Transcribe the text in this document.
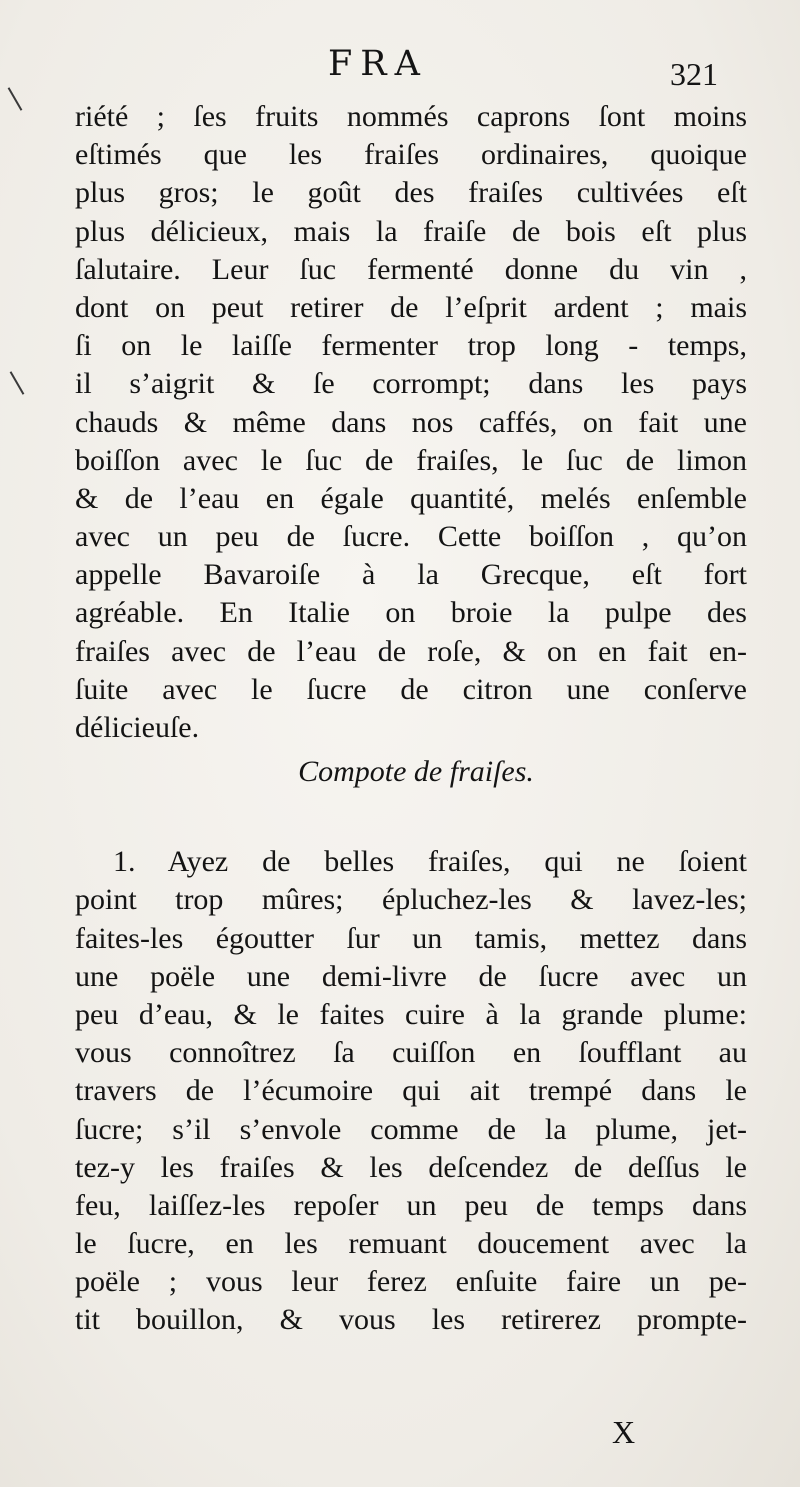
FRA	321
riété ; ſes fruits nommés caprons ſont moins
eſtimés que les fraiſes ordinaires, quoique
plus gros; le goût des fraiſes cultivées eſt
plus délicieux, mais la fraiſe de bois eſt plus
ſalutaire. Leur ſuc fermenté donne du vin ,
dont on peut retirer de l’eſprit ardent ; mais
ſi on le laiſſe fermenter trop long - temps,
il s’aigrit & ſe corrompt; dans les pays
chauds & même dans nos caffés, on fait une
boiſſon avec le ſuc de fraiſes, le ſuc de limon
& de l’eau en égale quantité, melés enſemble
avec un peu de ſucre. Cette boiſſon , qu’on
appelle Bavaroiſe à la Grecque, eſt fort
agréable. En Italie on broie la pulpe des
fraiſes avec de l’eau de roſe, & on en fait en-
ſuite avec le ſucre de citron une conſerve
délicieuſe.
Compote de fraiſes.
1. Ayez de belles fraiſes, qui ne ſoient
point trop mûres; épluchez-les & lavez-les;
faites-les égoutter ſur un tamis, mettez dans
une poële une demi-livre de ſucre avec un
peu d’eau, & le faites cuire à la grande plume:
vous connoîtrez ſa cuiſſon en ſoufflant au
travers de l’écumoire qui ait trempé dans le
ſucre; s’il s’envole comme de la plume, jet-
tez-y les fraiſes & les deſcendez de deſſus le
feu, laiſſez-les repoſer un peu de temps dans
le ſucre, en les remuant doucement avec la
poële ; vous leur ferez enſuite faire un pe-
tit bouillon, & vous les retirerez prompte-
X
